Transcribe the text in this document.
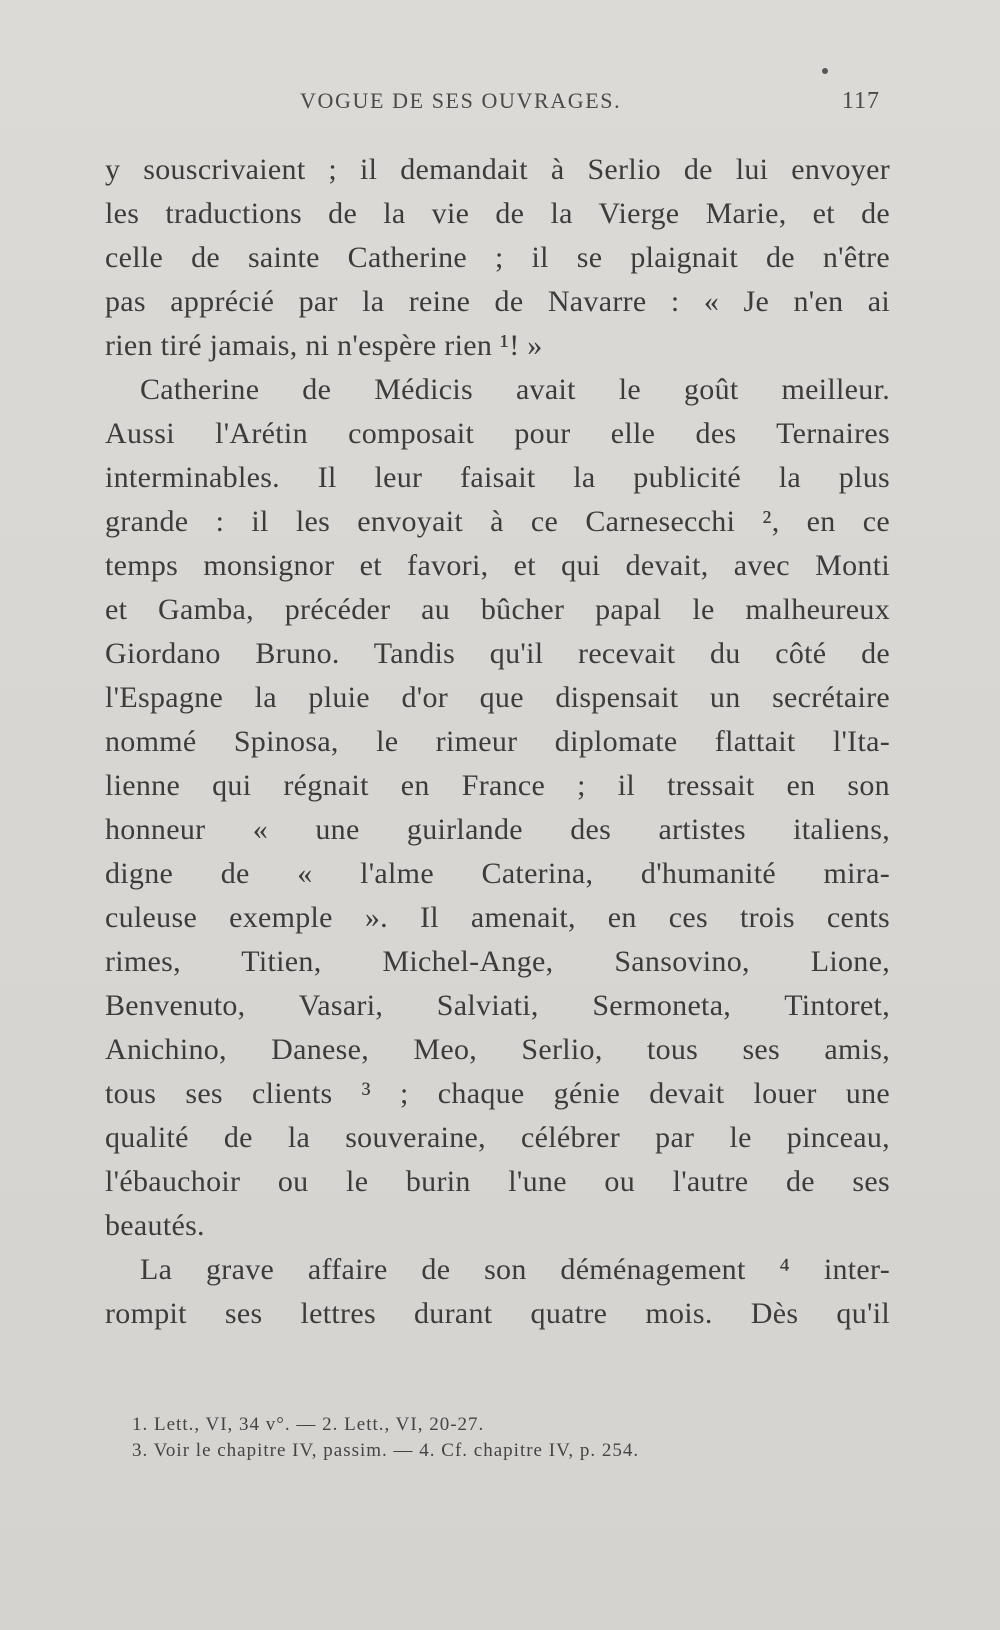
VOGUE DE SES OUVRAGES.	117
y souscrivaient ; il demandait à Serlio de lui envoyer
les traductions de la vie de la Vierge Marie, et de
celle de sainte Catherine ; il se plaignait de n'être
pas apprécié par la reine de Navarre : « Je n'en ai
rien tiré jamais, ni n'espère rien ¹! »
Catherine de Médicis avait le goût meilleur.
Aussi l'Arétin composait pour elle des Ternaires
interminables. Il leur faisait la publicité la plus
grande : il les envoyait à ce Carnesecchi ², en ce
temps monsignor et favori, et qui devait, avec Monti
et Gamba, précéder au bûcher papal le malheureux
Giordano Bruno. Tandis qu'il recevait du côté de
l'Espagne la pluie d'or que dispensait un secrétaire
nommé Spinosa, le rimeur diplomate flattait l'Ita-
lienne qui régnait en France ; il tressait en son
honneur « une guirlande des artistes italiens,
digne de « l'alme Caterina, d'humanité mira-
culeuse exemple ». Il amenait, en ces trois cents
rimes, Titien, Michel-Ange, Sansovino, Lione,
Benvenuto, Vasari, Salviati, Sermoneta, Tintoret,
Anichino, Danese, Meo, Serlio, tous ses amis,
tous ses clients ³ ; chaque génie devait louer une
qualité de la souveraine, célébrer par le pinceau,
l'ébauchoir ou le burin l'une ou l'autre de ses
beautés.
La grave affaire de son déménagement ⁴ inter-
rompit ses lettres durant quatre mois. Dès qu'il
1. Lett., VI, 34 v°. — 2. Lett., VI, 20-27.
3. Voir le chapitre IV, passim. — 4. Cf. chapitre IV, p. 254.
